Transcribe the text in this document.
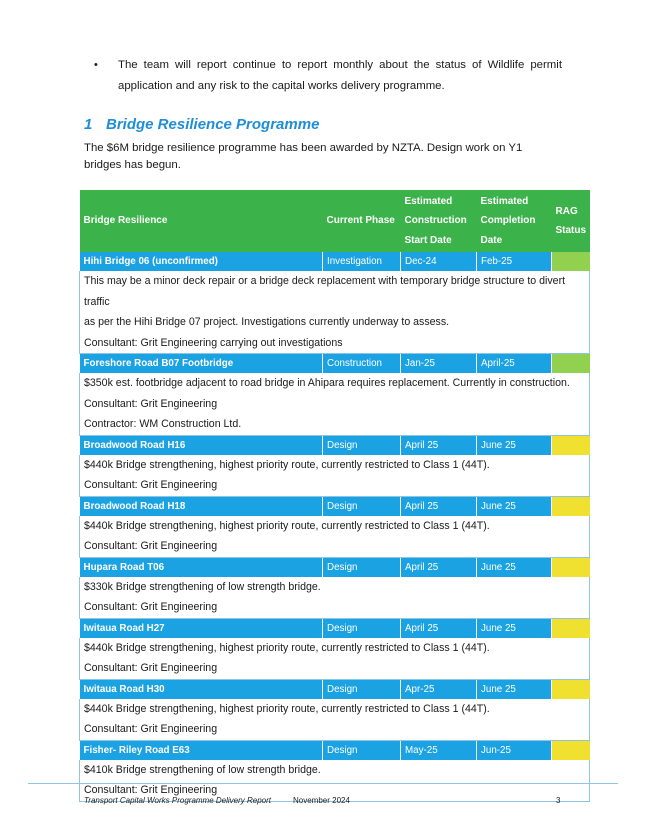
• The team will report continue to report monthly about the status of Wildlife permit application and any risk to the capital works delivery programme.

1 Bridge Resilience Programme
The $6M bridge resilience programme has been awarded by NZTA. Design work on Y1 bridges has begun.
Bridge Resilience	Current Phase	Estimated Construction Start Date	Estimated Completion Date	RAG Status
Hihi Bridge 06 (unconfirmed)	Investigation	Dec-24	Feb-25	

This may be a minor deck repair or a bridge deck replacement with temporary bridge structure to divert traffic
as per the Hihi Bridge 07 project. Investigations currently underway to assess.
Consultant: Grit Engineering carrying out investigations				

Foreshore Road B07 Footbridge	Construction	Jan-25	April-25	

$350k est. footbridge adjacent to road bridge in Ahipara requires replacement. Currently in construction.
Consultant: Grit Engineering
Contractor: WM Construction Ltd.				

Broadwood Road H16	Design	April 25	June 25	

$440k Bridge strengthening, highest priority route, currently restricted to Class 1 (44T).
Consultant: Grit Engineering				

Broadwood Road H18	Design	April 25	June 25	

$440k Bridge strengthening, highest priority route, currently restricted to Class 1 (44T).
Consultant: Grit Engineering				

Hupara Road T06	Design	April 25	June 25	

$330k Bridge strengthening of low strength bridge.
Consultant: Grit Engineering				

Iwitaua Road H27	Design	April 25	June 25	

$440k Bridge strengthening, highest priority route, currently restricted to Class 1 (44T).
Consultant: Grit Engineering				

Iwitaua Road H30	Design	Apr-25	June 25	

$440k Bridge strengthening, highest priority route, currently restricted to Class 1 (44T).
Consultant: Grit Engineering				

Fisher- Riley Road E63	Design	May-25	Jun-25	

$410k Bridge strengthening of low strength bridge.
Consultant: Grit Engineering				
Transport Capital Works Programme Delivery Report	November 2024	3
